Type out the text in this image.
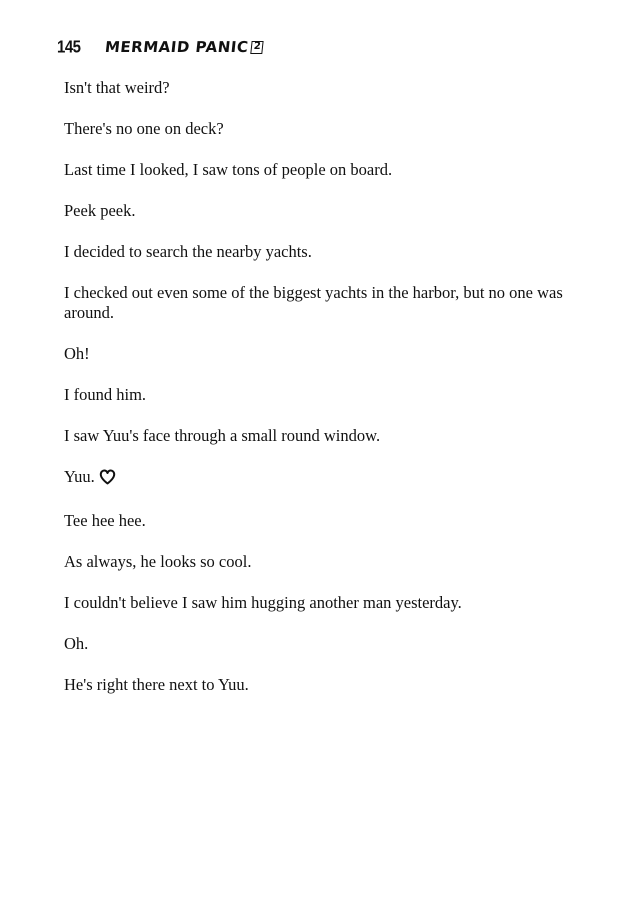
145 MERMAID PANIC 2

Isn't that weird?

There's no one on deck?

Last time I looked, I saw tons of people on board.

Peek peek.

I decided to search the nearby yachts.

I checked out even some of the biggest yachts in the harbor, but no one was around.

Oh!

I found him.

I saw Yuu's face through a small round window.

Yuu.

Tee hee hee.

As always, he looks so cool.

I couldn't believe I saw him hugging another man yesterday.

Oh.

He's right there next to Yuu.
